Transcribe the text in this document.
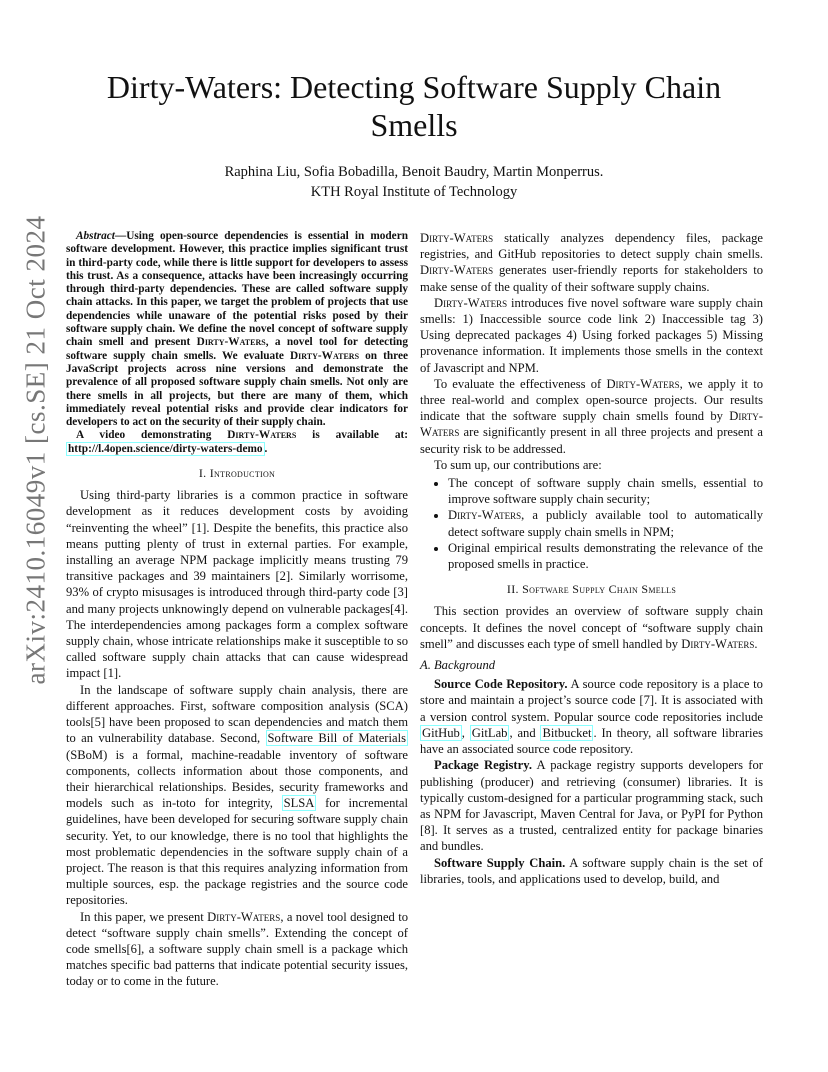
arXiv:2410.16049v1 [cs.SE] 21 Oct 2024
Dirty-Waters: Detecting Software Supply Chain Smells
Raphina Liu, Sofia Bobadilla, Benoit Baudry, Martin Monperrus.
KTH Royal Institute of Technology

Abstract—Using open-source dependencies is essential in modern software development. However, this practice implies significant trust in third-party code, while there is little support for developers to assess this trust. As a consequence, attacks have been increasingly occurring through third-party dependencies. These are called software supply chain attacks. In this paper, we target the problem of projects that use dependencies while unaware of the potential risks posed by their software supply chain. We define the novel concept of software supply chain smell and present Dirty-Waters, a novel tool for detecting software supply chain smells. We evaluate Dirty-Waters on three JavaScript projects across nine versions and demonstrate the prevalence of all proposed software supply chain smells. Not only are there smells in all projects, but there are many of them, which immediately reveal potential risks and provide clear indicators for developers to act on the security of their supply chain.

A video demonstrating Dirty-Waters is available at: http://l.4open.science/dirty-waters-demo .

I. Introduction

Using third-party libraries is a common practice in software development as it reduces development costs by avoiding “reinventing the wheel” [1]. Despite the benefits, this practice also means putting plenty of trust in external parties. For example, installing an average NPM package implicitly means trusting 79 transitive packages and 39 maintainers [2]. Similarly worrisome, 93% of crypto misusages is introduced through third-party code [3] and many projects unknowingly depend on vulnerable packages[4]. The interdependencies among packages form a complex software supply chain, whose intricate relationships make it susceptible to so called software supply chain attacks that can cause widespread impact [1].

In the landscape of software supply chain analysis, there are different approaches. First, software composition analysis (SCA) tools[5] have been proposed to scan dependencies and match them to an vulnerability database. Second, Software Bill of Materials (SBoM) is a formal, machine-readable inventory of software components, collects information about those components, and their hierarchical relationships. Besides, security frameworks and models such as in-toto for integrity, SLSA for incremental guidelines, have been developed for securing software supply chain security. Yet, to our knowledge, there is no tool that highlights the most problematic dependencies in the software supply chain of a project. The reason is that this requires analyzing information from multiple sources, esp. the package registries and the source code repositories.

In this paper, we present Dirty-Waters, a novel tool designed to detect “software supply chain smells”. Extending the concept of code smells[6], a software supply chain smell is a package which matches specific bad patterns that indicate potential security issues, today or to come in the future.

Dirty-Waters statically analyzes dependency files, package registries, and GitHub repositories to detect supply chain smells. Dirty-Waters generates user-friendly reports for stakeholders to make sense of the quality of their software supply chains.

Dirty-Waters introduces five novel software ware supply chain smells: 1) Inaccessible source code link 2) Inaccessible tag 3) Using deprecated packages 4) Using forked packages 5) Missing provenance information. It implements those smells in the context of Javascript and NPM.

To evaluate the effectiveness of Dirty-Waters, we apply it to three real-world and complex open-source projects. Our results indicate that the software supply chain smells found by Dirty-Waters are significantly present in all three projects and present a security risk to be addressed.

To sum up, our contributions are:

• The concept of software supply chain smells, essential to improve software supply chain security;
• Dirty-Waters, a publicly available tool to automatically detect software supply chain smells in NPM;
• Original empirical results demonstrating the relevance of the proposed smells in practice.
II. Software Supply Chain Smells

This section provides an overview of software supply chain concepts. It defines the novel concept of “software supply chain smell” and discusses each type of smell handled by Dirty-Waters.

A. Background

Source Code Repository. A source code repository is a place to store and maintain a project’s source code [7]. It is associated with a version control system. Popular source code repositories include GitHub , GitLab , and Bitbucket . In theory, all software libraries have an associated source code repository.

Package Registry. A package registry supports developers for publishing (producer) and retrieving (consumer) libraries. It is typically custom-designed for a particular programming stack, such as NPM for Javascript, Maven Central for Java, or PyPI for Python [8]. It serves as a trusted, centralized entity for package binaries and bundles.

Software Supply Chain. A software supply chain is the set of libraries, tools, and applications used to develop, build, and
